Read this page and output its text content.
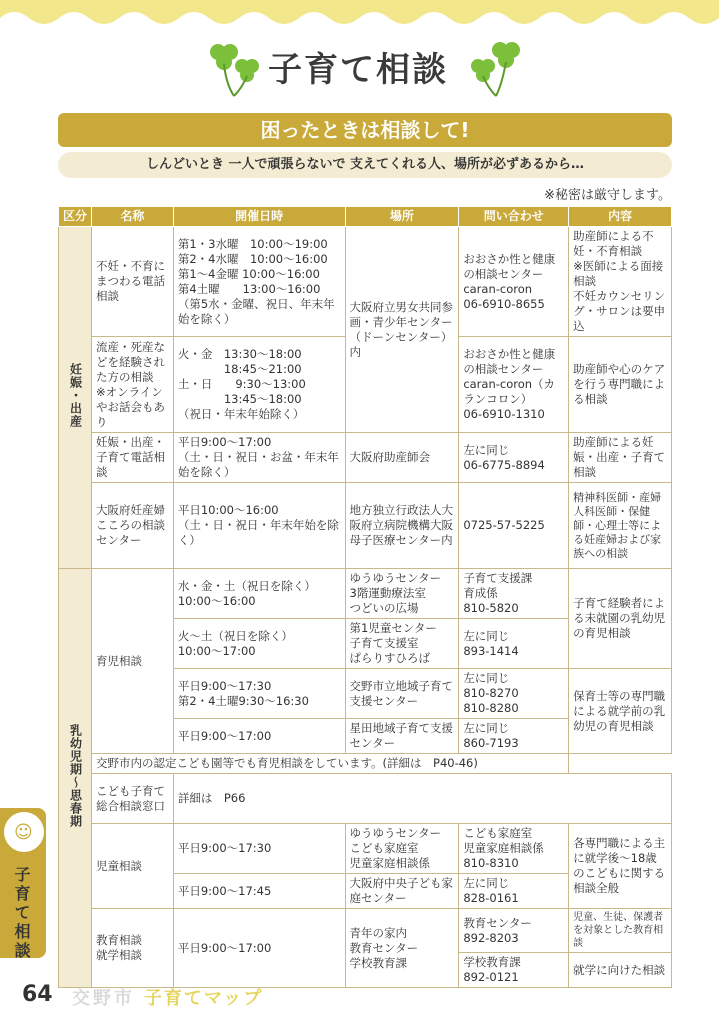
子育て相談
困ったときは相談して!
しんどいとき 一人で頑張らないで 支えてくれる人、場所が必ずあるから…
※秘密は厳守します。
区分	名称	開催日時	場所	問い合わせ	内容
妊娠・出産	不妊・不育にまつわる電話相談	第1・3水曜　10:00〜19:00
第2・4水曜　10:00〜16:00
第1〜4金曜 10:00〜16:00
第4土曜　　13:00〜16:00
（第5水・金曜、祝日、年末年始を除く）	大阪府立男女共同参画・青少年センター（ドーンセンター）内	おおさか性と健康の相談センター
caran-coron
06-6910-8655	助産師による不妊・不育相談
※医師による面接相談
不妊カウンセリング・サロンは要申込
	流産・死産などを経験された方の相談
※オンラインやお話会もあり	火・金　13:30〜18:00
　　　　18:45〜21:00
土・日　　9:30〜13:00
　　　　13:45〜18:00
（祝日・年末年始除く）		おおさか性と健康の相談センター
caran-coron（カランコロン）
06-6910-1310	助産師や心のケアを行う専門職による相談
	妊娠・出産・子育て電話相談	平日9:00〜17:00
（土・日・祝日・お盆・年末年始を除く）	大阪府助産師会	左に同じ
06-6775-8894	助産師による妊娠・出産・子育て相談
	大阪府妊産婦こころの相談センター	平日10:00〜16:00
（土・日・祝日・年末年始を除く）	地方独立行政法人大阪府立病院機構大阪母子医療センター内	0725-57-5225	精神科医師・産婦人科医師・保健師・心理士等による妊産婦および家族への相談
乳幼児期〜思春期	育児相談	水・金・土（祝日を除く）
10:00〜16:00	ゆうゆうセンター
3階運動療法室
つどいの広場	子育て支援課
育成係
810-5820	子育て経験者による未就園の乳幼児の育児相談
		火〜土（祝日を除く）
10:00〜17:00	第1児童センター
子育て支援室
ぱらりすひろば	左に同じ
893-1414	
		平日9:00〜17:30
第2・4土曜9:30〜16:30	交野市立地域子育て支援センター	左に同じ
810-8270
810-8280	保育士等の専門職による就学前の乳幼児の育児相談
		平日9:00〜17:00	星田地域子育て支援センター	左に同じ
860-7193	
	交野市内の認定こども園等でも育児相談をしています。(詳細は　P40-46)				
	こども子育て総合相談窓口	詳細は　P66			
	児童相談	平日9:00〜17:30	ゆうゆうセンター
こども家庭室
児童家庭相談係	こども家庭室
児童家庭相談係
810-8310	各専門職による主に就学後〜18歳のこどもに関する相談全般
		平日9:00〜17:45	大阪府中央子ども家庭センター	左に同じ
828-0161	
	教育相談
就学相談	平日9:00〜17:00	青年の家内
教育センター
学校教育課	教育センター
892-8203	児童、生徒、保護者を対象とした教育相談
				学校教育課
892-0121	就学に向けた相談
☺
子育て相談
64 交野市 子育てマップ
